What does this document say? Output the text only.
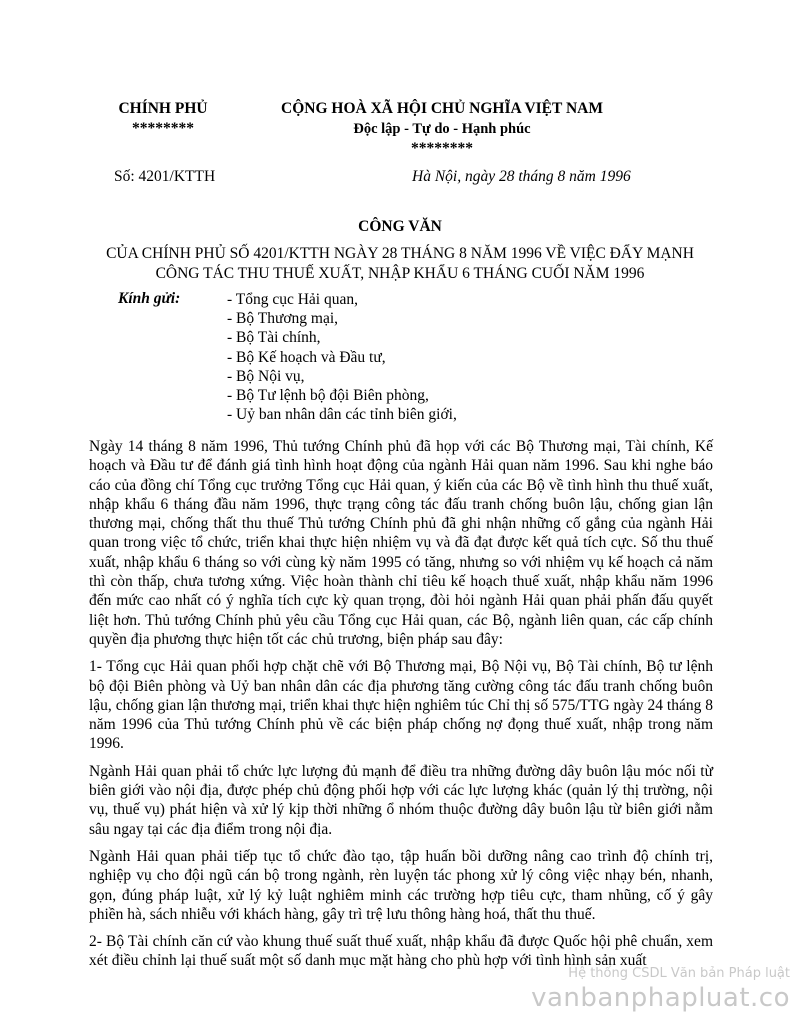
CHÍNH PHỦ
********
CỘNG HOÀ XÃ HỘI CHỦ NGHĨA VIỆT NAM
Độc lập - Tự do - Hạnh phúc
********
Số: 4201/KTTH	Hà Nội, ngày 28 tháng 8 năm 1996
CÔNG VĂN
CỦA CHÍNH PHỦ SỐ 4201/KTTH NGÀY 28 THÁNG 8 NĂM 1996 VỀ VIỆC ĐẨY MẠNH
CÔNG TÁC THU THUẾ XUẤT, NHẬP KHẨU 6 THÁNG CUỐI NĂM 1996
Kính gửi:	- Tổng cục Hải quan,
- Bộ Thương mại,
- Bộ Tài chính,
- Bộ Kế hoạch và Đầu tư,
- Bộ Nội vụ,
- Bộ Tư lệnh bộ đội Biên phòng,
- Uỷ ban nhân dân các tỉnh biên giới,

Ngày 14 tháng 8 năm 1996, Thủ tướng Chính phủ đã họp với các Bộ Thương mại, Tài chính, Kế hoạch và Đầu tư để đánh giá tình hình hoạt động của ngành Hải quan năm 1996. Sau khi nghe báo cáo của đồng chí Tổng cục trưởng Tổng cục Hải quan, ý kiến của các Bộ về tình hình thu thuế xuất, nhập khẩu 6 tháng đầu năm 1996, thực trạng công tác đấu tranh chống buôn lậu, chống gian lận thương mại, chống thất thu thuế Thủ tướng Chính phủ đã ghi nhận những cố gắng của ngành Hải quan trong việc tổ chức, triển khai thực hiện nhiệm vụ và đã đạt được kết quả tích cực. Số thu thuế xuất, nhập khẩu 6 tháng so với cùng kỳ năm 1995 có tăng, nhưng so với nhiệm vụ kế hoạch cả năm thì còn thấp, chưa tương xứng. Việc hoàn thành chỉ tiêu kế hoạch thuế xuất, nhập khẩu năm 1996 đến mức cao nhất có ý nghĩa tích cực kỳ quan trọng, đòi hỏi ngành Hải quan phải phấn đấu quyết liệt hơn. Thủ tướng Chính phủ yêu cầu Tổng cục Hải quan, các Bộ, ngành liên quan, các cấp chính quyền địa phương thực hiện tốt các chủ trương, biện pháp sau đây:

1- Tổng cục Hải quan phối hợp chặt chẽ với Bộ Thương mại, Bộ Nội vụ, Bộ Tài chính, Bộ tư lệnh bộ đội Biên phòng và Uỷ ban nhân dân các địa phương tăng cường công tác đấu tranh chống buôn lậu, chống gian lận thương mại, triển khai thực hiện nghiêm túc Chỉ thị số 575/TTG ngày 24 tháng 8 năm 1996 của Thủ tướng Chính phủ về các biện pháp chống nợ đọng thuế xuất, nhập trong năm 1996.

Ngành Hải quan phải tổ chức lực lượng đủ mạnh để điều tra những đường dây buôn lậu móc nối từ biên giới vào nội địa, được phép chủ động phối hợp với các lực lượng khác (quản lý thị trường, nội vụ, thuế vụ) phát hiện và xử lý kịp thời những ổ nhóm thuộc đường dây buôn lậu từ biên giới nằm sâu ngay tại các địa điểm trong nội địa.

Ngành Hải quan phải tiếp tục tổ chức đào tạo, tập huấn bồi dưỡng nâng cao trình độ chính trị, nghiệp vụ cho đội ngũ cán bộ trong ngành, rèn luyện tác phong xử lý công việc nhạy bén, nhanh, gọn, đúng pháp luật, xử lý kỷ luật nghiêm minh các trường hợp tiêu cực, tham nhũng, cố ý gây phiền hà, sách nhiễu với khách hàng, gây trì trệ lưu thông hàng hoá, thất thu thuế.

2- Bộ Tài chính căn cứ vào khung thuế suất thuế xuất, nhập khẩu đã được Quốc hội phê chuẩn, xem xét điều chỉnh lại thuế suất một số danh mục mặt hàng cho phù hợp với tình hình sản xuất

Hệ thống CSDL Văn bản Pháp luật
vanbanphapluat.co
